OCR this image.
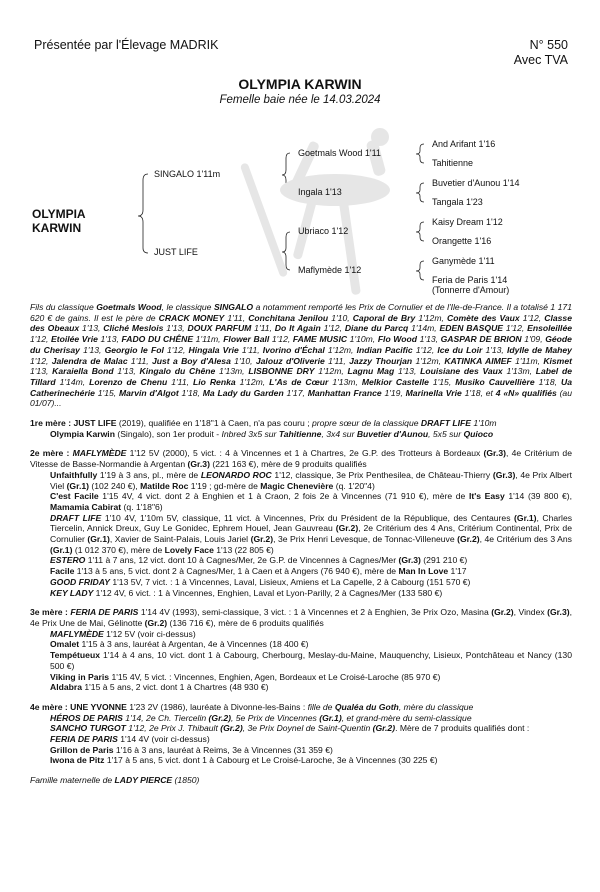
Présentée par l'Élevage MADRIK	N° 550
Avec TVA
OLYMPIA KARWIN
Femelle baie née le 14.03.2024
OLYMPIA
KARWIN
SINGALO 1'11m
JUST LIFE
Goetmals Wood 1'11
Ingala 1'13
Ubriaco 1'12
Maflymède 1'12
And Arifant 1'16
Tahitienne
Buvetier d'Aunou 1'14
Tangala 1'23
Kaisy Dream 1'12
Orangette 1'16
Ganymède 1'11
Feria de Paris 1'14
(Tonnerre d'Amour)

Fils du classique Goetmals Wood, le classique SINGALO a notamment remporté les Prix de Cornulier et de l'Ile-de-France. Il a totalisé 1 171 620 € de gains. Il est le père de CRACK MONEY 1'11, Conchitana Jenilou 1'10, Caporal de Bry 1'12m, Comète des Vaux 1'12, Classe des Obeaux 1'13, Cliché Meslois 1'13, DOUX PARFUM 1'11, Do It Again 1'12, Diane du Parcq 1'14m, EDEN BASQUE 1'12, Ensoleillée 1'12, Etoilée Vrie 1'13, FADO DU CHÊNE 1'11m, Flower Ball 1'12, FAME MUSIC 1'10m, Flo Wood 1'13, GASPAR DE BRION 1'09, Géode du Cherisay 1'13, Georgio le Fol 1'12, Hingala Vrie 1'11, Ivorino d'Échal 1'12m, Indian Pacific 1'12, Ice du Loir 1'13, Idylle de Mahey 1'12, Jalendra de Malac 1'11, Just a Boy d'Alesa 1'10, Jalouz d'Oliverie 1'11, Jazzy Thourjan 1'12m, KATINKA AIMEF 1'11m, Kismet 1'13, Karaiella Bond 1'13, Kingalo du Chêne 1'13m, LISBONNE DRY 1'12m, Lagnu Mag 1'13, Louisiane des Vaux 1'13m, Label de Tillard 1'14m, Lorenzo de Chenu 1'11, Lio Renka 1'12m, L'As de Cœur 1'13m, Melkior Castelle 1'15, Musiko Cauvellière 1'18, Ua Catherinechérie 1'15, Marvin d'Algot 1'18, Ma Lady du Garden 1'17, Manhattan France 1'19, Marinella Vrie 1'18, et 4 «N» qualifiés (au 01/07)...

1re mère : JUST LIFE (2019), qualifiée en 1'18"1 à Caen, n'a pas couru ; propre sœur de la classique DRAFT LIFE 1'10m

Olympia Karwin (Singalo), son 1er produit - Inbred 3x5 sur Tahitienne, 3x4 sur Buvetier d'Aunou, 5x5 sur Quioco

2e mère : MAFLYMÈDE 1'12 5V (2000), 5 vict. : 4 à Vincennes et 1 à Chartres, 2e G.P. des Trotteurs à Bordeaux (Gr.3), 4e Critérium de Vitesse de Basse-Normandie à Argentan (Gr.3) (221 163 €), mère de 9 produits qualifiés

Unfaithfully 1'19 à 3 ans, pl., mère de LEONARDO ROC 1'12, classique, 3e Prix Penthesilea, de Château-Thierry (Gr.3), 4e Prix Albert Viel (Gr.1) (102 240 €), Matilde Roc 1'19 ; gd-mère de Magic Chenevière (q. 1'20"4)

C'est Facile 1'15 4V, 4 vict. dont 2 à Enghien et 1 à Craon, 2 fois 2e à Vincennes (71 910 €), mère de It's Easy 1'14 (39 800 €), Mamamia Cabirat (q. 1'18"6)

DRAFT LIFE 1'10 4V, 1'10m 5V, classique, 11 vict. à Vincennes, Prix du Président de la République, des Centaures (Gr.1), Charles Tiercelin, Annick Dreux, Guy Le Gonidec, Ephrem Houel, Jean Gauvreau (Gr.2), 2e Critérium des 4 Ans, Critérium Continental, Prix de Cornulier (Gr.1), Xavier de Saint-Palais, Louis Jariel (Gr.2), 3e Prix Henri Levesque, de Tonnac-Villeneuve (Gr.2), 4e Critérium des 3 Ans (Gr.1) (1 012 370 €), mère de Lovely Face 1'13 (22 805 €)

ESTERO 1'11 à 7 ans, 12 vict. dont 10 à Cagnes/Mer, 2e G.P. de Vincennes à Cagnes/Mer (Gr.3) (291 210 €)

Facile 1'13 à 5 ans, 5 vict. dont 2 à Cagnes/Mer, 1 à Caen et à Angers (76 940 €), mère de Man In Love 1'17

GOOD FRIDAY 1'13 5V, 7 vict. : 1 à Vincennes, Laval, Lisieux, Amiens et La Capelle, 2 à Cabourg (151 570 €)

KEY LADY 1'12 4V, 6 vict. : 1 à Vincennes, Enghien, Laval et Lyon-Parilly, 2 à Cagnes/Mer (133 580 €)

3e mère : FERIA DE PARIS 1'14 4V (1993), semi-classique, 3 vict. : 1 à Vincennes et 2 à Enghien, 3e Prix Ozo, Masina (Gr.2), Vindex (Gr.3), 4e Prix Une de Mai, Gélinotte (Gr.2) (136 716 €), mère de 6 produits qualifiés

MAFLYMÈDE 1'12 5V (voir ci-dessus)

Omalet 1'15 à 3 ans, lauréat à Argentan, 4e à Vincennes (18 400 €)

Tempétueux 1'14 à 4 ans, 10 vict. dont 1 à Cabourg, Cherbourg, Meslay-du-Maine, Mauquenchy, Lisieux, Pontchâteau et Nancy (130 500 €)

Viking in Paris 1'15 4V, 5 vict. : Vincennes, Enghien, Agen, Bordeaux et Le Croisé-Laroche (85 970 €)

Aldabra 1'15 à 5 ans, 2 vict. dont 1 à Chartres (48 930 €)

4e mère : UNE YVONNE 1'23 2V (1986), lauréate à Divonne-les-Bains : fille de Qualéa du Goth, mère du classique

HÉROS DE PARIS 1'14, 2e Ch. Tiercelin (Gr.2), 5e Prix de Vincennes (Gr.1), et grand-mère du semi-classique

SANCHO TURGOT 1'12, 2e Prix J. Thibault (Gr.2), 3e Prix Doynel de Saint-Quentin (Gr.2). Mère de 7 produits qualifiés dont :

FERIA DE PARIS 1'14 4V (voir ci-dessus)

Grillon de Paris 1'16 à 3 ans, lauréat à Reims, 3e à Vincennes (31 359 €)

Iwona de Pitz 1'17 à 5 ans, 5 vict. dont 1 à Cabourg et Le Croisé-Laroche, 3e à Vincennes (30 225 €)

Famille maternelle de LADY PIERCE (1850)
